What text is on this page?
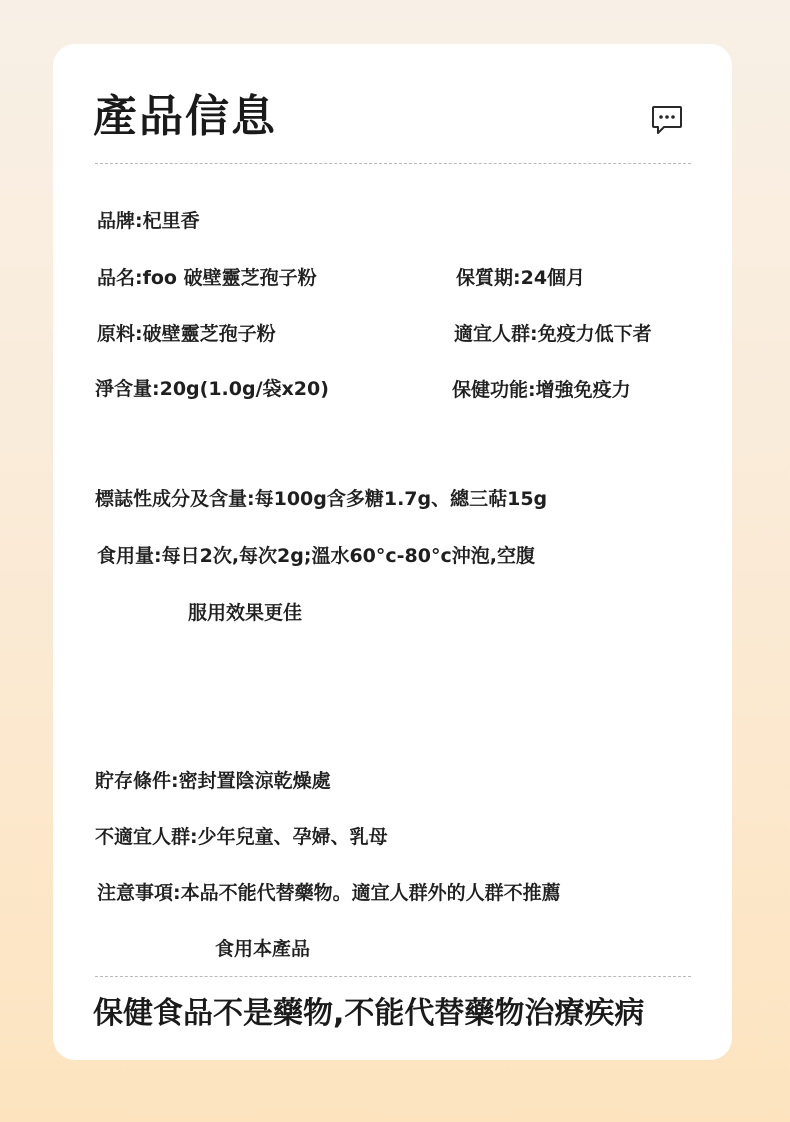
產品信息
品牌:杞里香
品名:foo 破壁靈芝孢子粉	保質期:24個月
原料:破壁靈芝孢子粉	適宜人群:免疫力低下者
淨含量:20g(1.0g/袋x20)	保健功能:增強免疫力
標誌性成分及含量:每100g含多糖1.7g、總三萜15g
食用量:每日2次,每次2g;溫水60°c-80°c沖泡,空腹
服用效果更佳
貯存條件:密封置陰涼乾燥處
不適宜人群:少年兒童、孕婦、乳母
注意事項:本品不能代替藥物。適宜人群外的人群不推薦
食用本產品
保健食品不是藥物,不能代替藥物治療疾病
